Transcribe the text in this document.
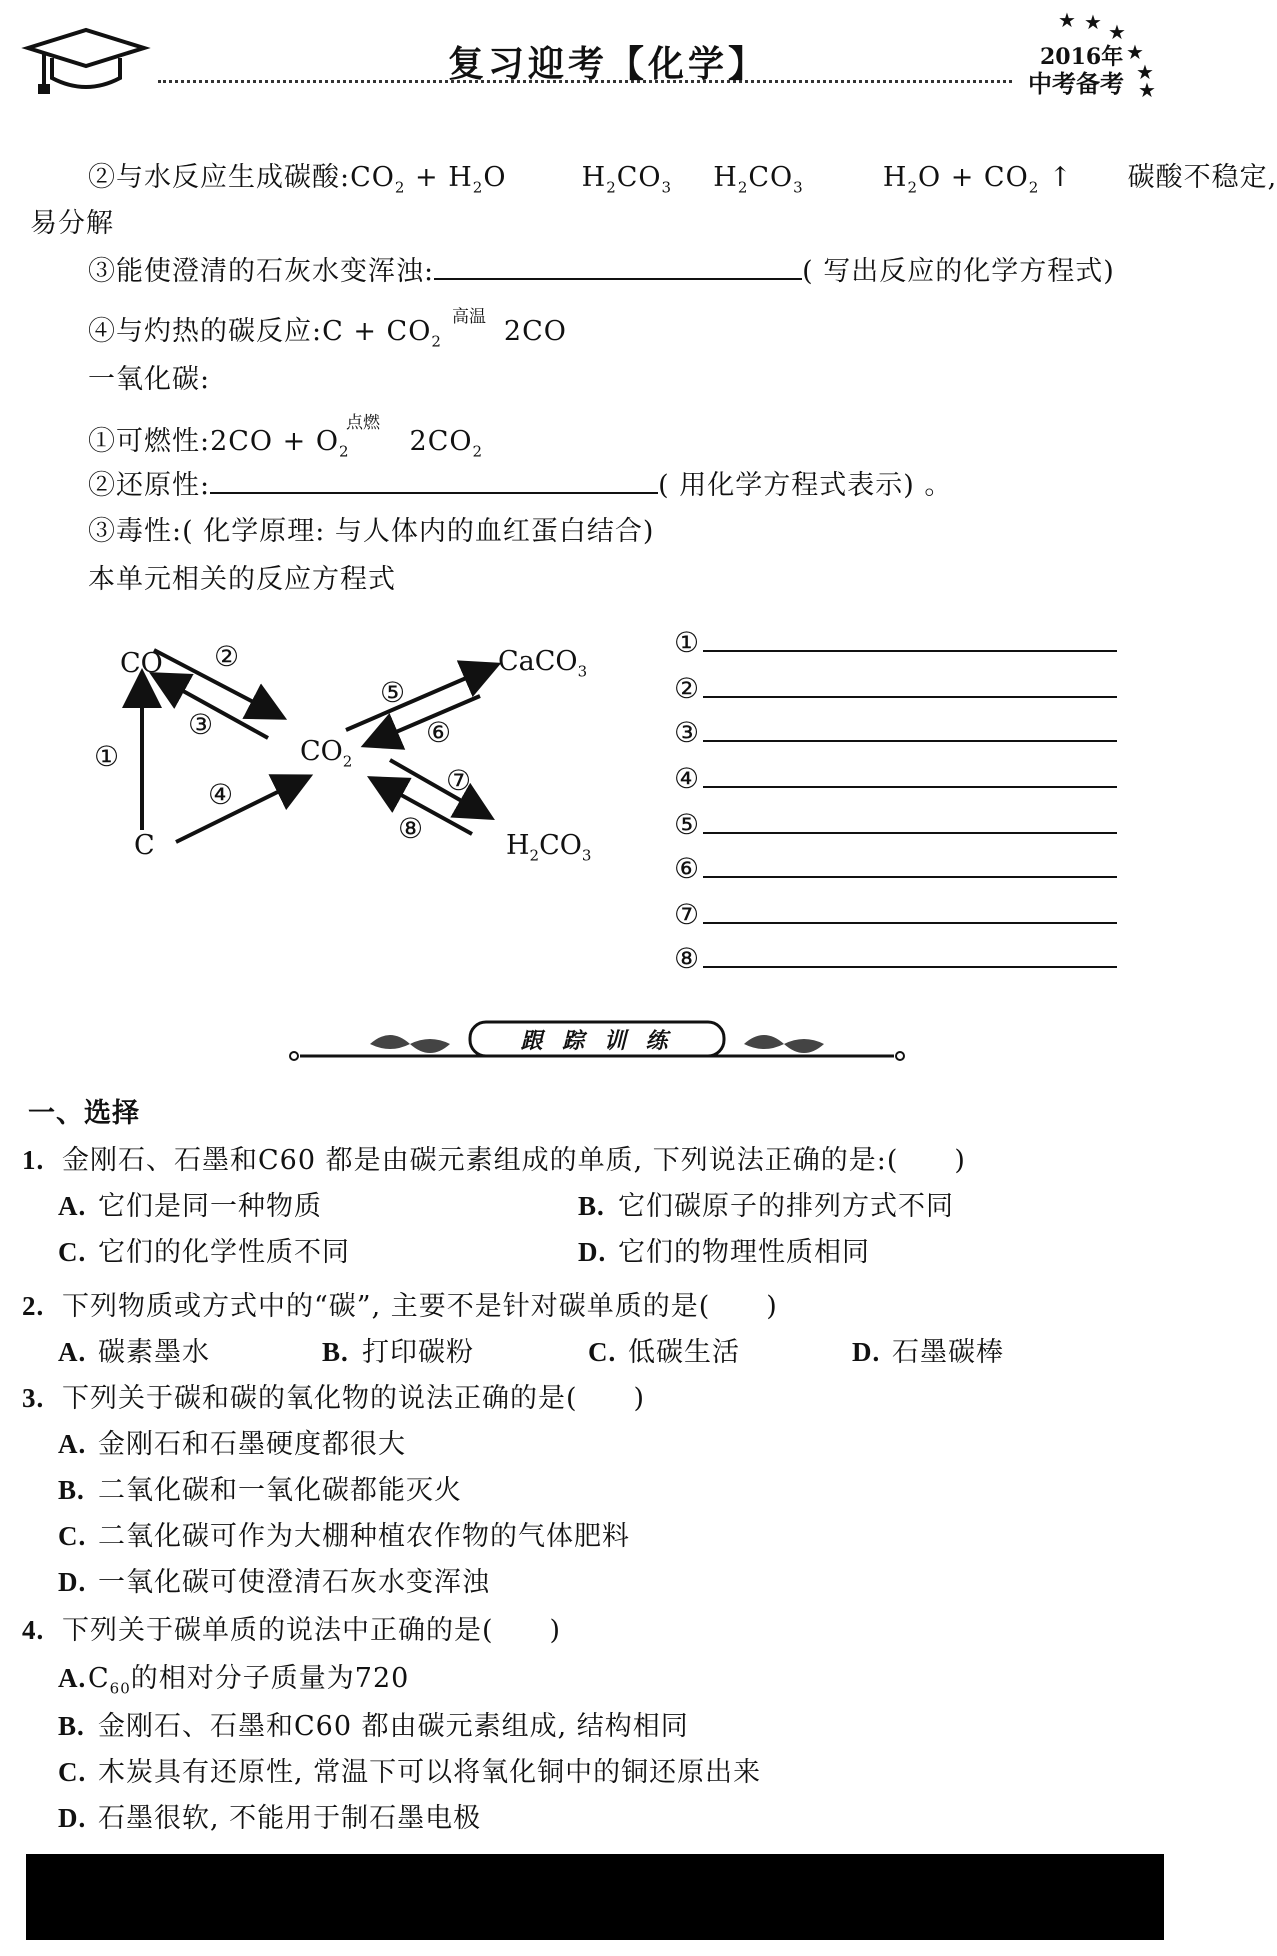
复习迎考【化学】
★ ★ ★
★
★
★
2016年
中考备考
②与水反应生成碳酸$:CO_2 + H_2O$	$H_2CO_3$ $H_2CO_3$	$H_2O + CO_2$ ↑ 碳酸不稳定,
易分解
③能使澄清的石灰水变浑浊:	( 写出反应的化学方程式)
④与灼热的碳反应:C + $CO_2$ 2CO
高温
一氧化碳:
①可燃性:2CO + $O_2$ $2CO_2$
点燃
②还原性:	( 用化学方程式表示) 。
③毒性:( 化学原理: 与人体内的血红蛋白结合)
本单元相关的反应方程式
CO
C
$CO_2$
CaCO$_3$
$H_2CO_3$
①
②
③
④
⑤
⑥
⑦
⑧
①
②
③
④
⑤
⑥
⑦
⑧
跟 踪 训 练
一、选择
1. 金刚石、石墨和C60 都是由碳元素组成的单质, 下列说法正确的是:(　　)
A. 它们是同一种物质	B. 它们碳原子的排列方式不同
C. 它们的化学性质不同	D. 它们的物理性质相同
2. 下列物质或方式中的“碳”, 主要不是针对碳单质的是(　　)
A. 碳素墨水	B. 打印碳粉	C. 低碳生活	D. 石墨碳棒
3. 下列关于碳和碳的氧化物的说法正确的是(　　)
A. 金刚石和石墨硬度都很大
B. 二氧化碳和一氧化碳都能灭火
C. 二氧化碳可作为大棚种植农作物的气体肥料
D. 一氧化碳可使澄清石灰水变浑浊
4. 下列关于碳单质的说法中正确的是(　　)
$A.C_{60}$的相对分子质量为720
B. 金刚石、石墨和C60 都由碳元素组成, 结构相同
C. 木炭具有还原性, 常温下可以将氧化铜中的铜还原出来
D. 石墨很软, 不能用于制石墨电极
